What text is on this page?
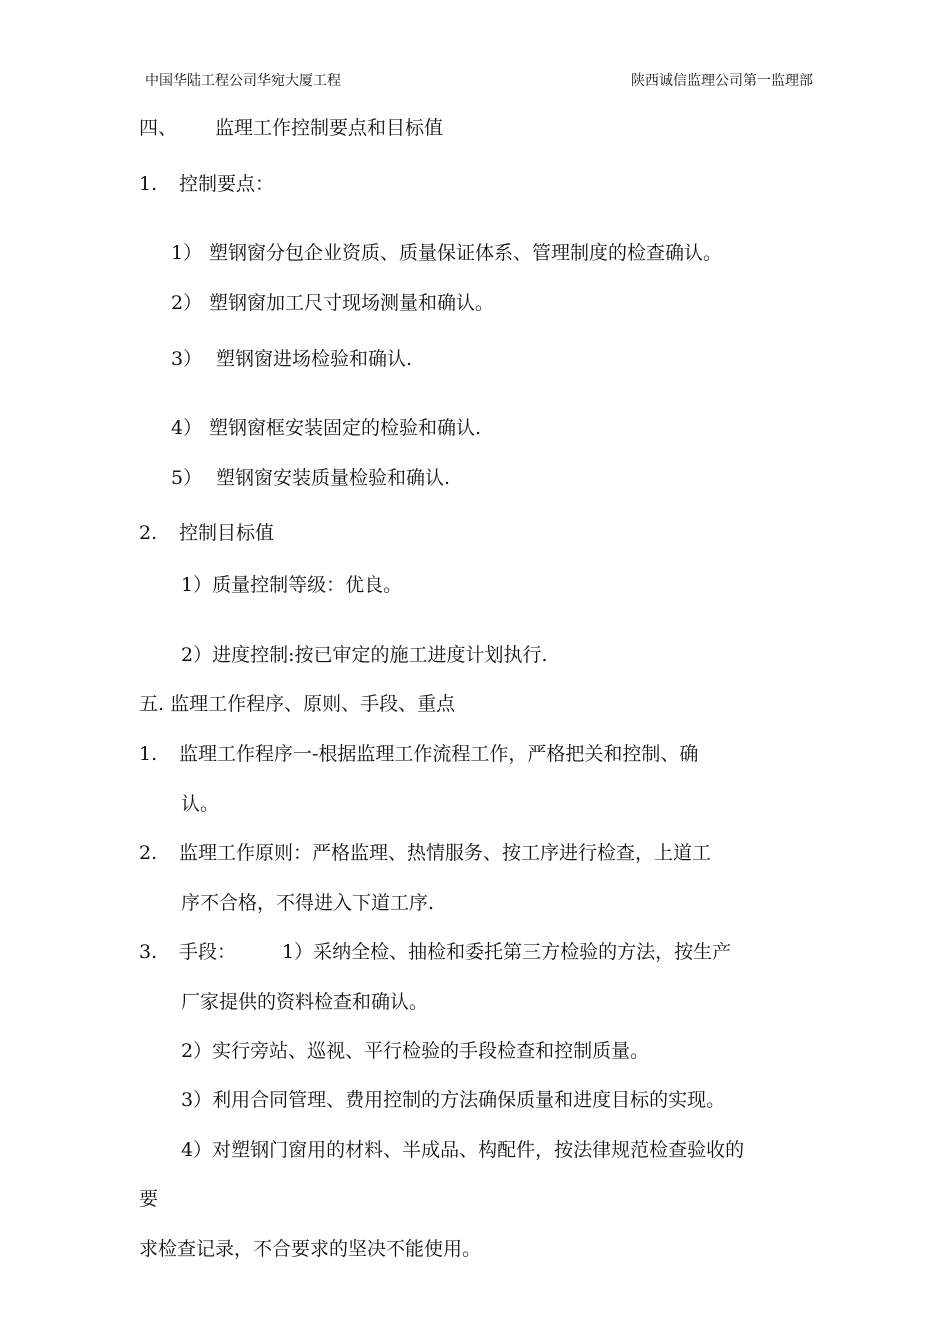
中国华陆工程公司华宛大厦工程	陕西诚信监理公司第一监理部
四、 监理工作控制要点和目标值
1. 控制要点：
1） 塑钢窗分包企业资质、质量保证体系、管理制度的检查确认。
2） 塑钢窗加工尺寸现场测量和确认。
3） 塑钢窗进场检验和确认.
4） 塑钢窗框安装固定的检验和确认.
5） 塑钢窗安装质量检验和确认.
2. 控制目标值
1）质量控制等级：优良。
2）进度控制:按已审定的施工进度计划执行.
五. 监理工作程序、原则、手段、重点
1. 监理工作程序一-根据监理工作流程工作，严格把关和控制、确
认。
2. 监理工作原则：严格监理、热情服务、按工序进行检查，上道工
序不合格，不得进入下道工序.
3. 手段： 1）采纳全检、抽检和委托第三方检验的方法，按生产
厂家提供的资料检查和确认。
2）实行旁站、巡视、平行检验的手段检查和控制质量。
3）利用合同管理、费用控制的方法确保质量和进度目标的实现。
4）对塑钢门窗用的材料、半成品、构配件，按法律规范检查验收的
要
求检查记录，不合要求的坚决不能使用。
